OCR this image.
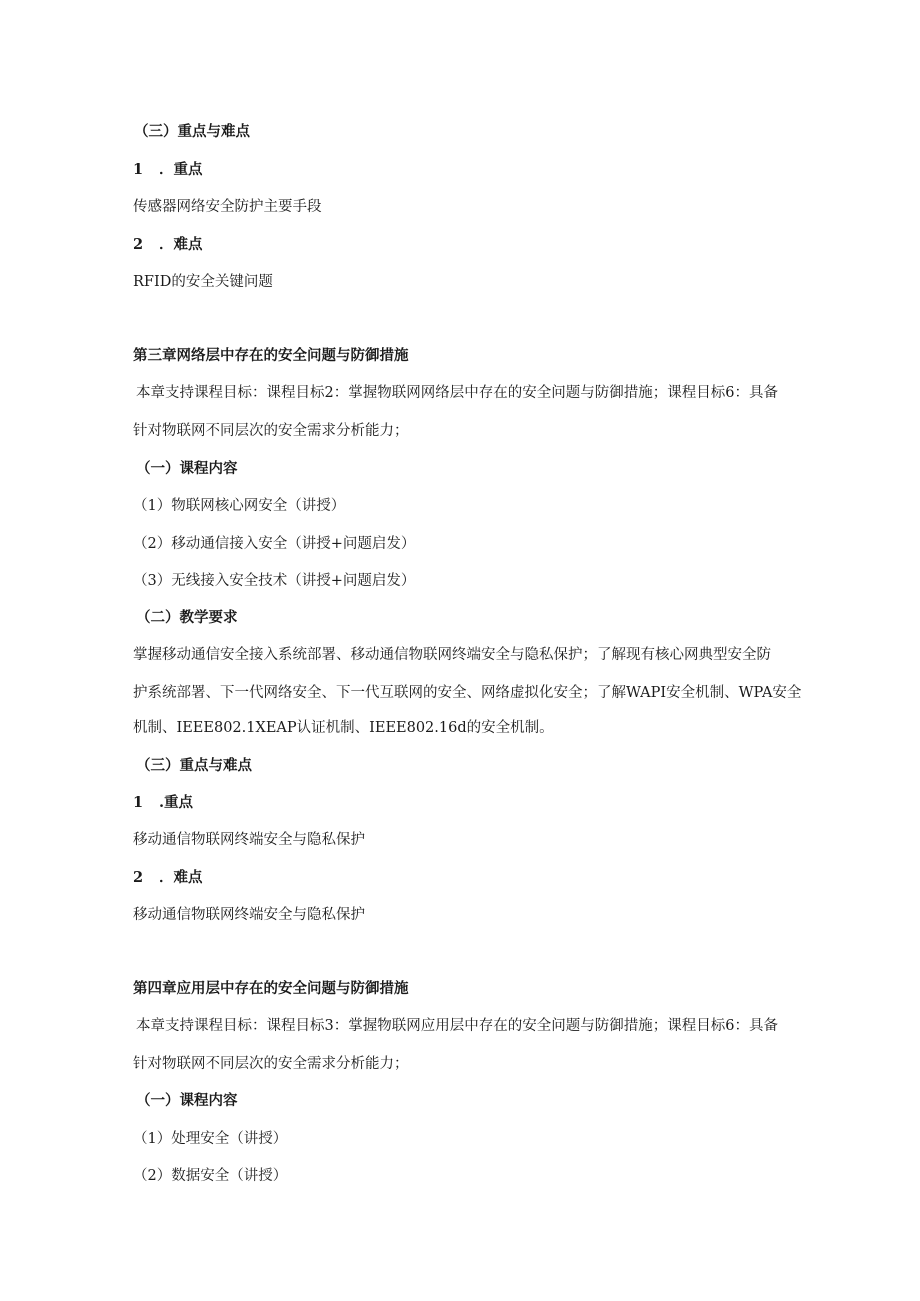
（三）重点与难点

1 ．重点

传感器网络安全防护主要手段

2 ．难点

RFID的安全关键问题

第三章网络层中存在的安全问题与防御措施

本章支持课程目标：课程目标2：掌握物联网网络层中存在的安全问题与防御措施；课程目标6：具备

针对物联网不同层次的安全需求分析能力；

（一）课程内容

（1）物联网核心网安全（讲授）

（2）移动通信接入安全（讲授+问题启发）

（3）无线接入安全技术（讲授+问题启发）

（二）教学要求

掌握移动通信安全接入系统部署、移动通信物联网终端安全与隐私保护；了解现有核心网典型安全防

护系统部署、下一代网络安全、下一代互联网的安全、网络虚拟化安全；了解WAPI安全机制、WPA安全

机制、IEEE802.1XEAP认证机制、IEEE802.16d的安全机制。

（三）重点与难点

1 .重点

移动通信物联网终端安全与隐私保护

2 ．难点

移动通信物联网终端安全与隐私保护

第四章应用层中存在的安全问题与防御措施

本章支持课程目标：课程目标3：掌握物联网应用层中存在的安全问题与防御措施；课程目标6：具备

针对物联网不同层次的安全需求分析能力；

（一）课程内容

（1）处理安全（讲授）

（2）数据安全（讲授）
